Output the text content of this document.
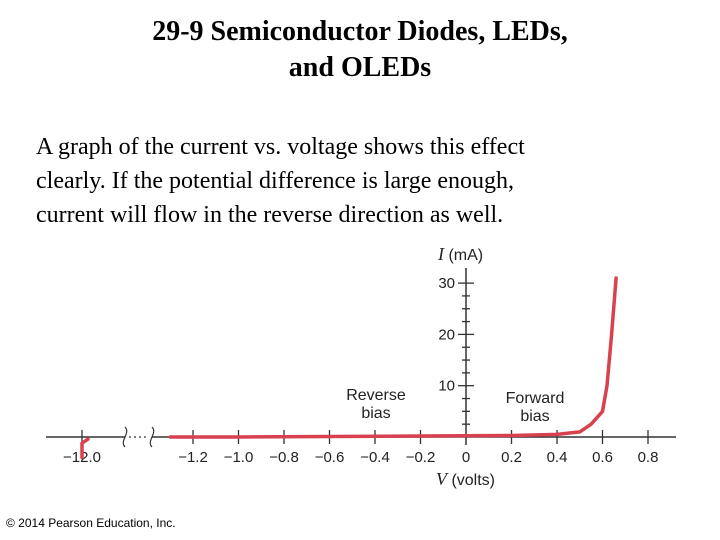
29-9 Semiconductor Diodes, LEDs,
and OLEDs

A graph of the current vs. voltage shows this effect
clearly. If the potential difference is large enough,
current will flow in the reverse direction as well.

−12.0	−1.2 −1.0 −0.8 −0.6 −0.4 −0.2 0 0.2 0.4 0.6 0.8
10
20
30
I (mA)
V (volts)
Reverse
bias
Forward
bias
© 2014 Pearson Education, Inc.
